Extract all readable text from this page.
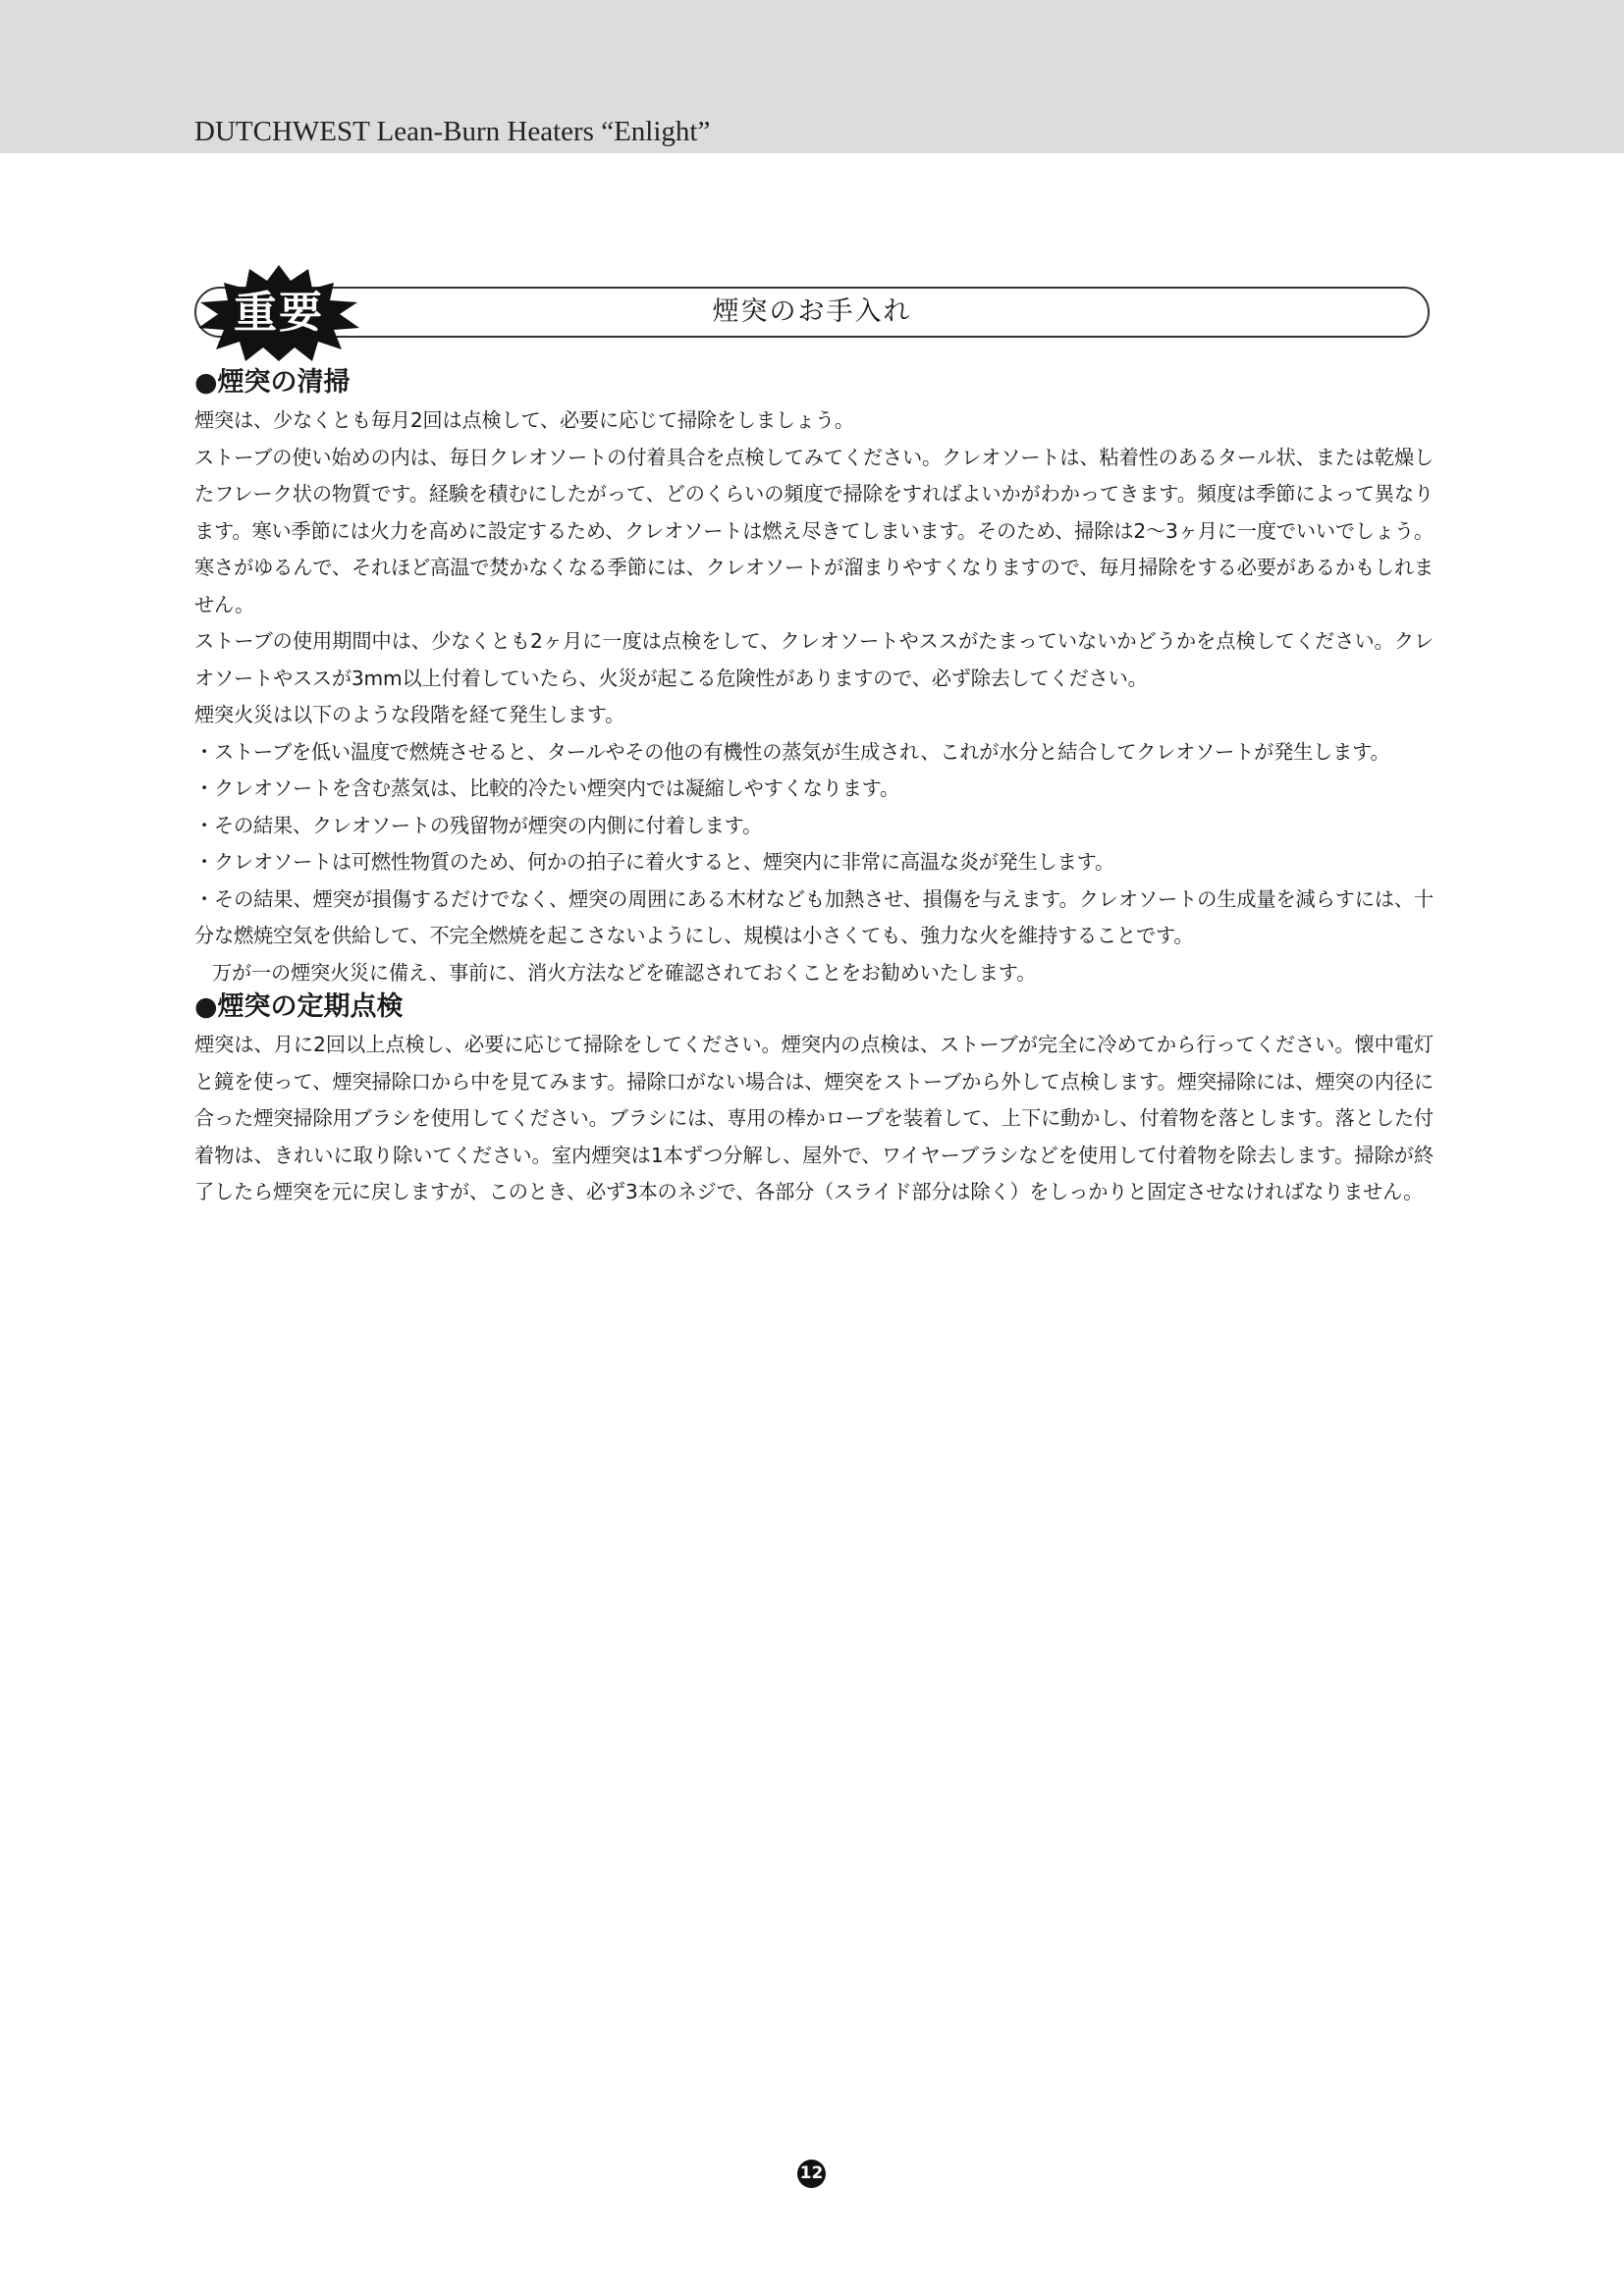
DUTCHWEST Lean-Burn Heaters “Enlight”
煙突のお手入れ
重要
●煙突の清掃

煙突は、少なくとも毎月2回は点検して、必要に応じて掃除をしましょう。

ストーブの使い始めの内は、毎日クレオソートの付着具合を点検してみてください。クレオソートは、粘着性のあるタール状、または乾燥したフレーク状の物質です。経験を積むにしたがって、どのくらいの頻度で掃除をすればよいかがわかってきます。頻度は季節によって異なります。寒い季節には火力を高めに設定するため、クレオソートは燃え尽きてしまいます。そのため、掃除は2〜3ヶ月に一度でいいでしょう。寒さがゆるんで、それほど高温で焚かなくなる季節には、クレオソートが溜まりやすくなりますので、毎月掃除をする必要があるかもしれません。

ストーブの使用期間中は、少なくとも2ヶ月に一度は点検をして、クレオソートやススがたまっていないかどうかを点検してください。クレオソートやススが3mm以上付着していたら、火災が起こる危険性がありますので、必ず除去してください。

煙突火災は以下のような段階を経て発生します。

・ストーブを低い温度で燃焼させると、タールやその他の有機性の蒸気が生成され、これが水分と結合してクレオソートが発生します。

・クレオソートを含む蒸気は、比較的冷たい煙突内では凝縮しやすくなります。

・その結果、クレオソートの残留物が煙突の内側に付着します。

・クレオソートは可燃性物質のため、何かの拍子に着火すると、煙突内に非常に高温な炎が発生します。

・その結果、煙突が損傷するだけでなく、煙突の周囲にある木材なども加熱させ、損傷を与えます。クレオソートの生成量を減らすには、十分な燃焼空気を供給して、不完全燃焼を起こさないようにし、規模は小さくても、強力な火を維持することです。

万が一の煙突火災に備え、事前に、消火方法などを確認されておくことをお勧めいたします。

●煙突の定期点検

煙突は、月に2回以上点検し、必要に応じて掃除をしてください。煙突内の点検は、ストーブが完全に冷めてから行ってください。懐中電灯と鏡を使って、煙突掃除口から中を見てみます。掃除口がない場合は、煙突をストーブから外して点検します。煙突掃除には、煙突の内径に合った煙突掃除用ブラシを使用してください。ブラシには、専用の棒かロープを装着して、上下に動かし、付着物を落とします。落とした付着物は、きれいに取り除いてください。室内煙突は1本ずつ分解し、屋外で、ワイヤーブラシなどを使用して付着物を除去します。掃除が終了したら煙突を元に戻しますが、このとき、必ず3本のネジで、各部分（スライド部分は除く）をしっかりと固定させなければなりません。

12
